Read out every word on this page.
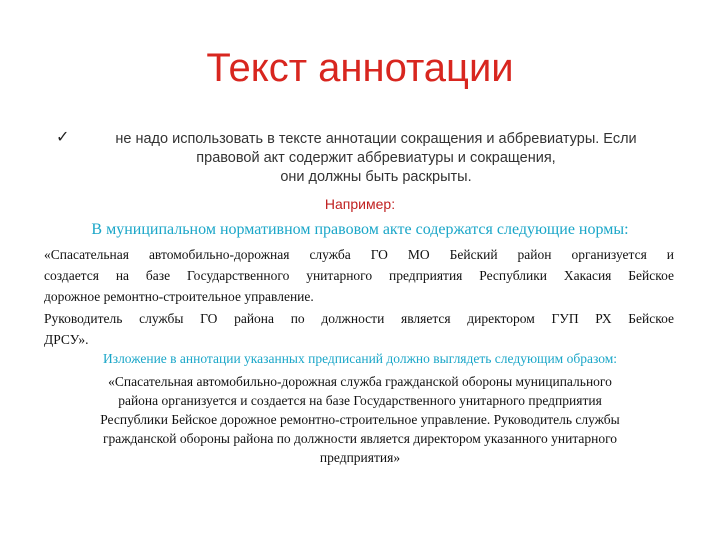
Текст аннотации
✓	не надо использовать в тексте аннотации сокращения и аббревиатуры. Если
правовой акт содержит аббревиатуры и сокращения,
они должны быть раскрыты.
Например:
В муниципальном нормативном правовом акте содержатся следующие нормы:
«Спасательная автомобильно-дорожная служба ГО МО Бейский район организуется и
создается на базе Государственного унитарного предприятия Республики Хакасия Бейское
дорожное ремонтно-строительное управление.
Руководитель службы ГО района по должности является директором ГУП РХ Бейское
ДРСУ».
Изложение в аннотации указанных предписаний должно выглядеть следующим образом:
«Спасательная автомобильно-дорожная служба гражданской обороны муниципального
района организуется и создается на базе Государственного унитарного предприятия
Республики Бейское дорожное ремонтно-строительное управление. Руководитель службы
гражданской обороны района по должности является директором указанного унитарного
предприятия»
